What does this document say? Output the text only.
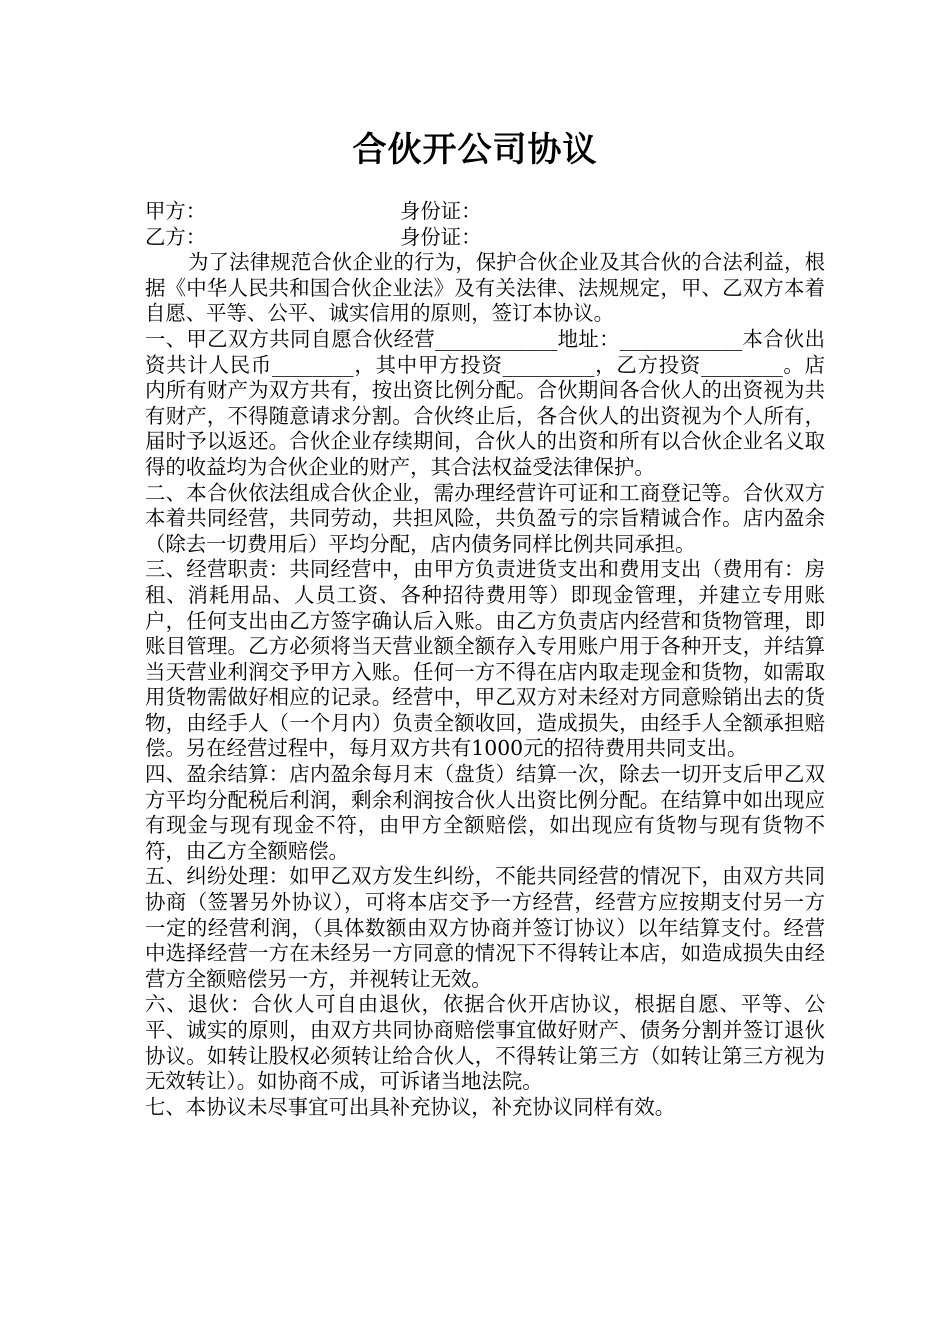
合伙开公司协议
甲方：	身份证：
乙方：	身份证：

为了法律规范合伙企业的行为，保护合伙企业及其合伙的合法利益，根据《中华人民共和国合伙企业法》及有关法律、法规规定，甲、乙双方本着自愿、平等、公平、诚实信用的原则，签订本协议。

一、甲乙双方共同自愿合伙经营____________地址：____________本合伙出资共计人民币________，其中甲方投资_________，乙方投资________。店内所有财产为双方共有，按出资比例分配。合伙期间各合伙人的出资视为共有财产，不得随意请求分割。合伙终止后，各合伙人的出资视为个人所有，届时予以返还。合伙企业存续期间，合伙人的出资和所有以合伙企业名义取得的收益均为合伙企业的财产，其合法权益受法律保护。

二、本合伙依法组成合伙企业，需办理经营许可证和工商登记等。合伙双方本着共同经营，共同劳动，共担风险，共负盈亏的宗旨精诚合作。店内盈余（除去一切费用后）平均分配，店内债务同样比例共同承担。

三、经营职责：共同经营中，由甲方负责进货支出和费用支出（费用有：房租、消耗用品、人员工资、各种招待费用等）即现金管理，并建立专用账户，任何支出由乙方签字确认后入账。由乙方负责店内经营和货物管理，即账目管理。乙方必须将当天营业额全额存入专用账户用于各种开支，并结算当天营业利润交予甲方入账。任何一方不得在店内取走现金和货物，如需取用货物需做好相应的记录。经营中，甲乙双方对未经对方同意赊销出去的货物，由经手人（一个月内）负责全额收回，造成损失，由经手人全额承担赔偿。另在经营过程中，每月双方共有1000元的招待费用共同支出。

四、盈余结算：店内盈余每月末（盘货）结算一次，除去一切开支后甲乙双方平均分配税后利润，剩余利润按合伙人出资比例分配。在结算中如出现应有现金与现有现金不符，由甲方全额赔偿，如出现应有货物与现有货物不符，由乙方全额赔偿。

五、纠纷处理：如甲乙双方发生纠纷，不能共同经营的情况下，由双方共同协商（签署另外协议），可将本店交予一方经营，经营方应按期支付另一方一定的经营利润，（具体数额由双方协商并签订协议）以年结算支付。经营中选择经营一方在未经另一方同意的情况下不得转让本店，如造成损失由经营方全额赔偿另一方，并视转让无效。

六、退伙：合伙人可自由退伙，依据合伙开店协议，根据自愿、平等、公平、诚实的原则，由双方共同协商赔偿事宜做好财产、债务分割并签订退伙协议。如转让股权必须转让给合伙人，不得转让第三方（如转让第三方视为无效转让）。如协商不成，可诉诸当地法院。

七、本协议未尽事宜可出具补充协议，补充协议同样有效。
